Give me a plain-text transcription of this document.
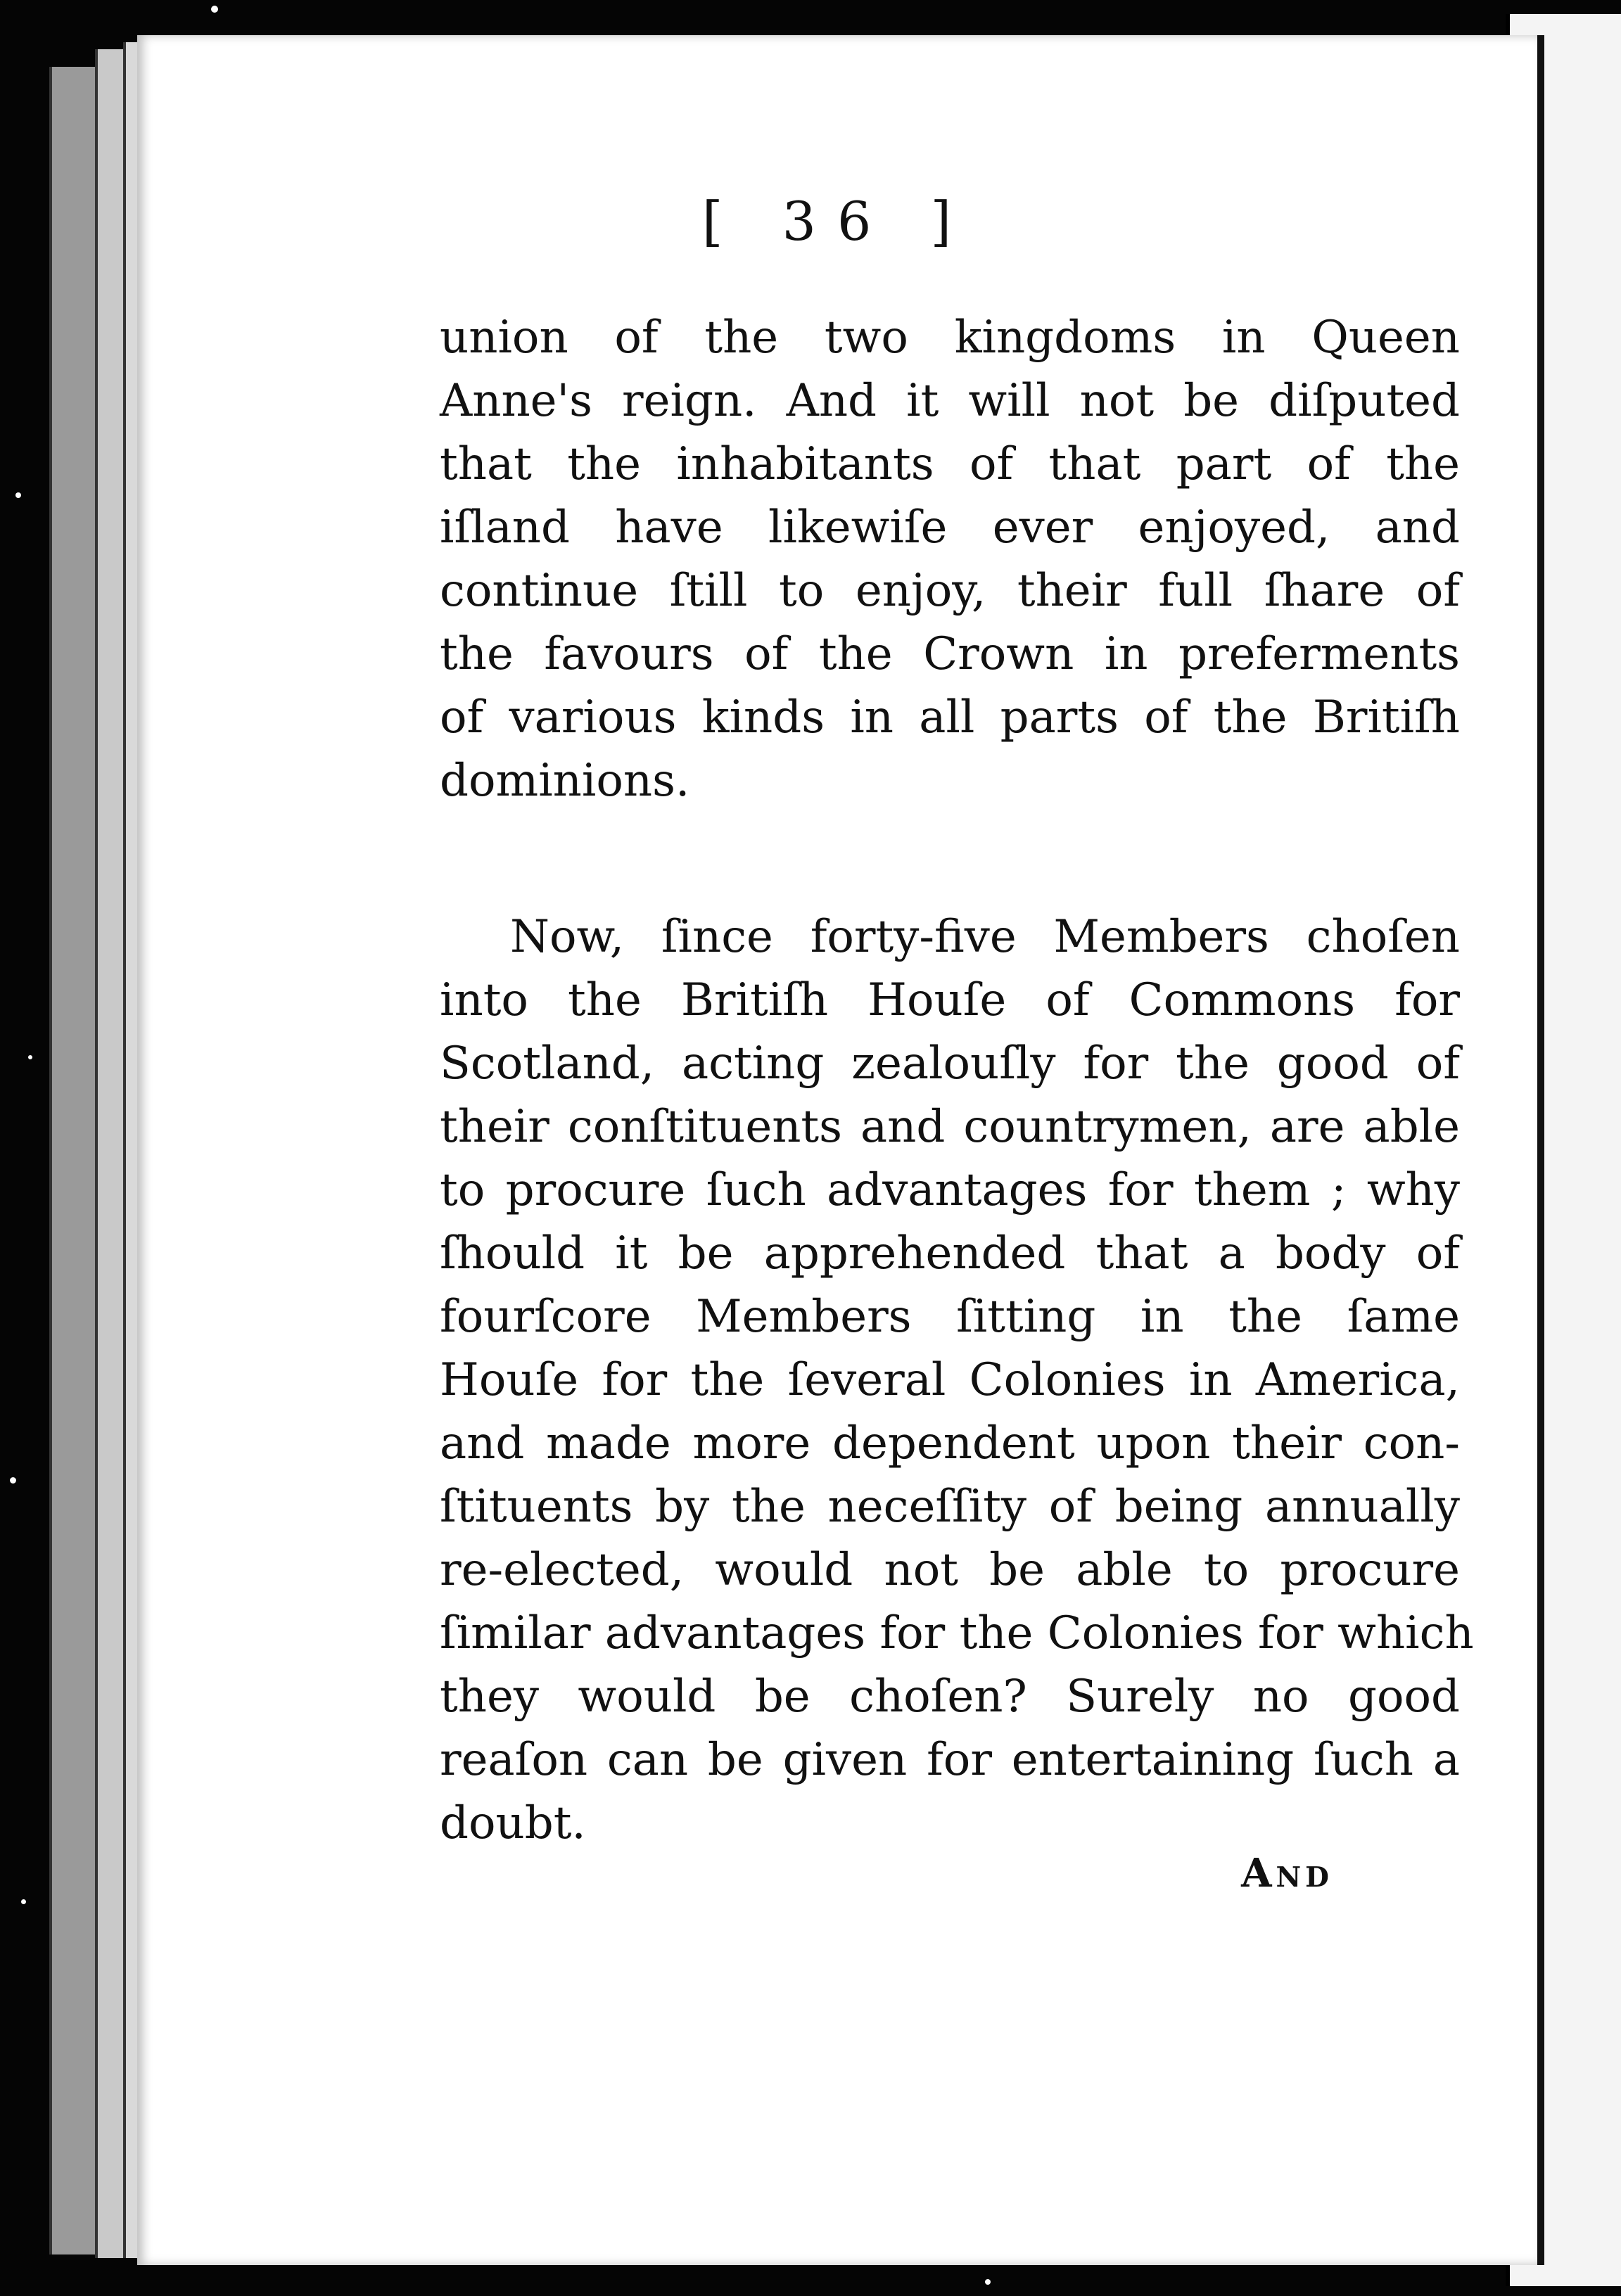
[ 36 ]
union of the two kingdoms in Queen
Anne's reign. And it will not be diſputed
that the inhabitants of that part of the
iſland have likewiſe ever enjoyed, and
continue ſtill to enjoy, their full ſhare of
the favours of the Crown in preferments
of various kinds in all parts of the Britiſh
dominions.
Now, ſince forty-five Members choſen
into the Britiſh Houſe of Commons for
Scotland, acting zealouſly for the good of
their conſtituents and countrymen, are able
to procure ſuch advantages for them ; why
ſhould it be apprehended that a body of
fourſcore Members ſitting in the ſame
Houſe for the ſeveral Colonies in America,
and made more dependent upon their con-
ſtituents by the neceſſity of being annually
re-elected, would not be able to procure
ſimilar advantages for the Colonies for which
they would be choſen? Surely no good
reaſon can be given for entertaining ſuch a
doubt.
And
